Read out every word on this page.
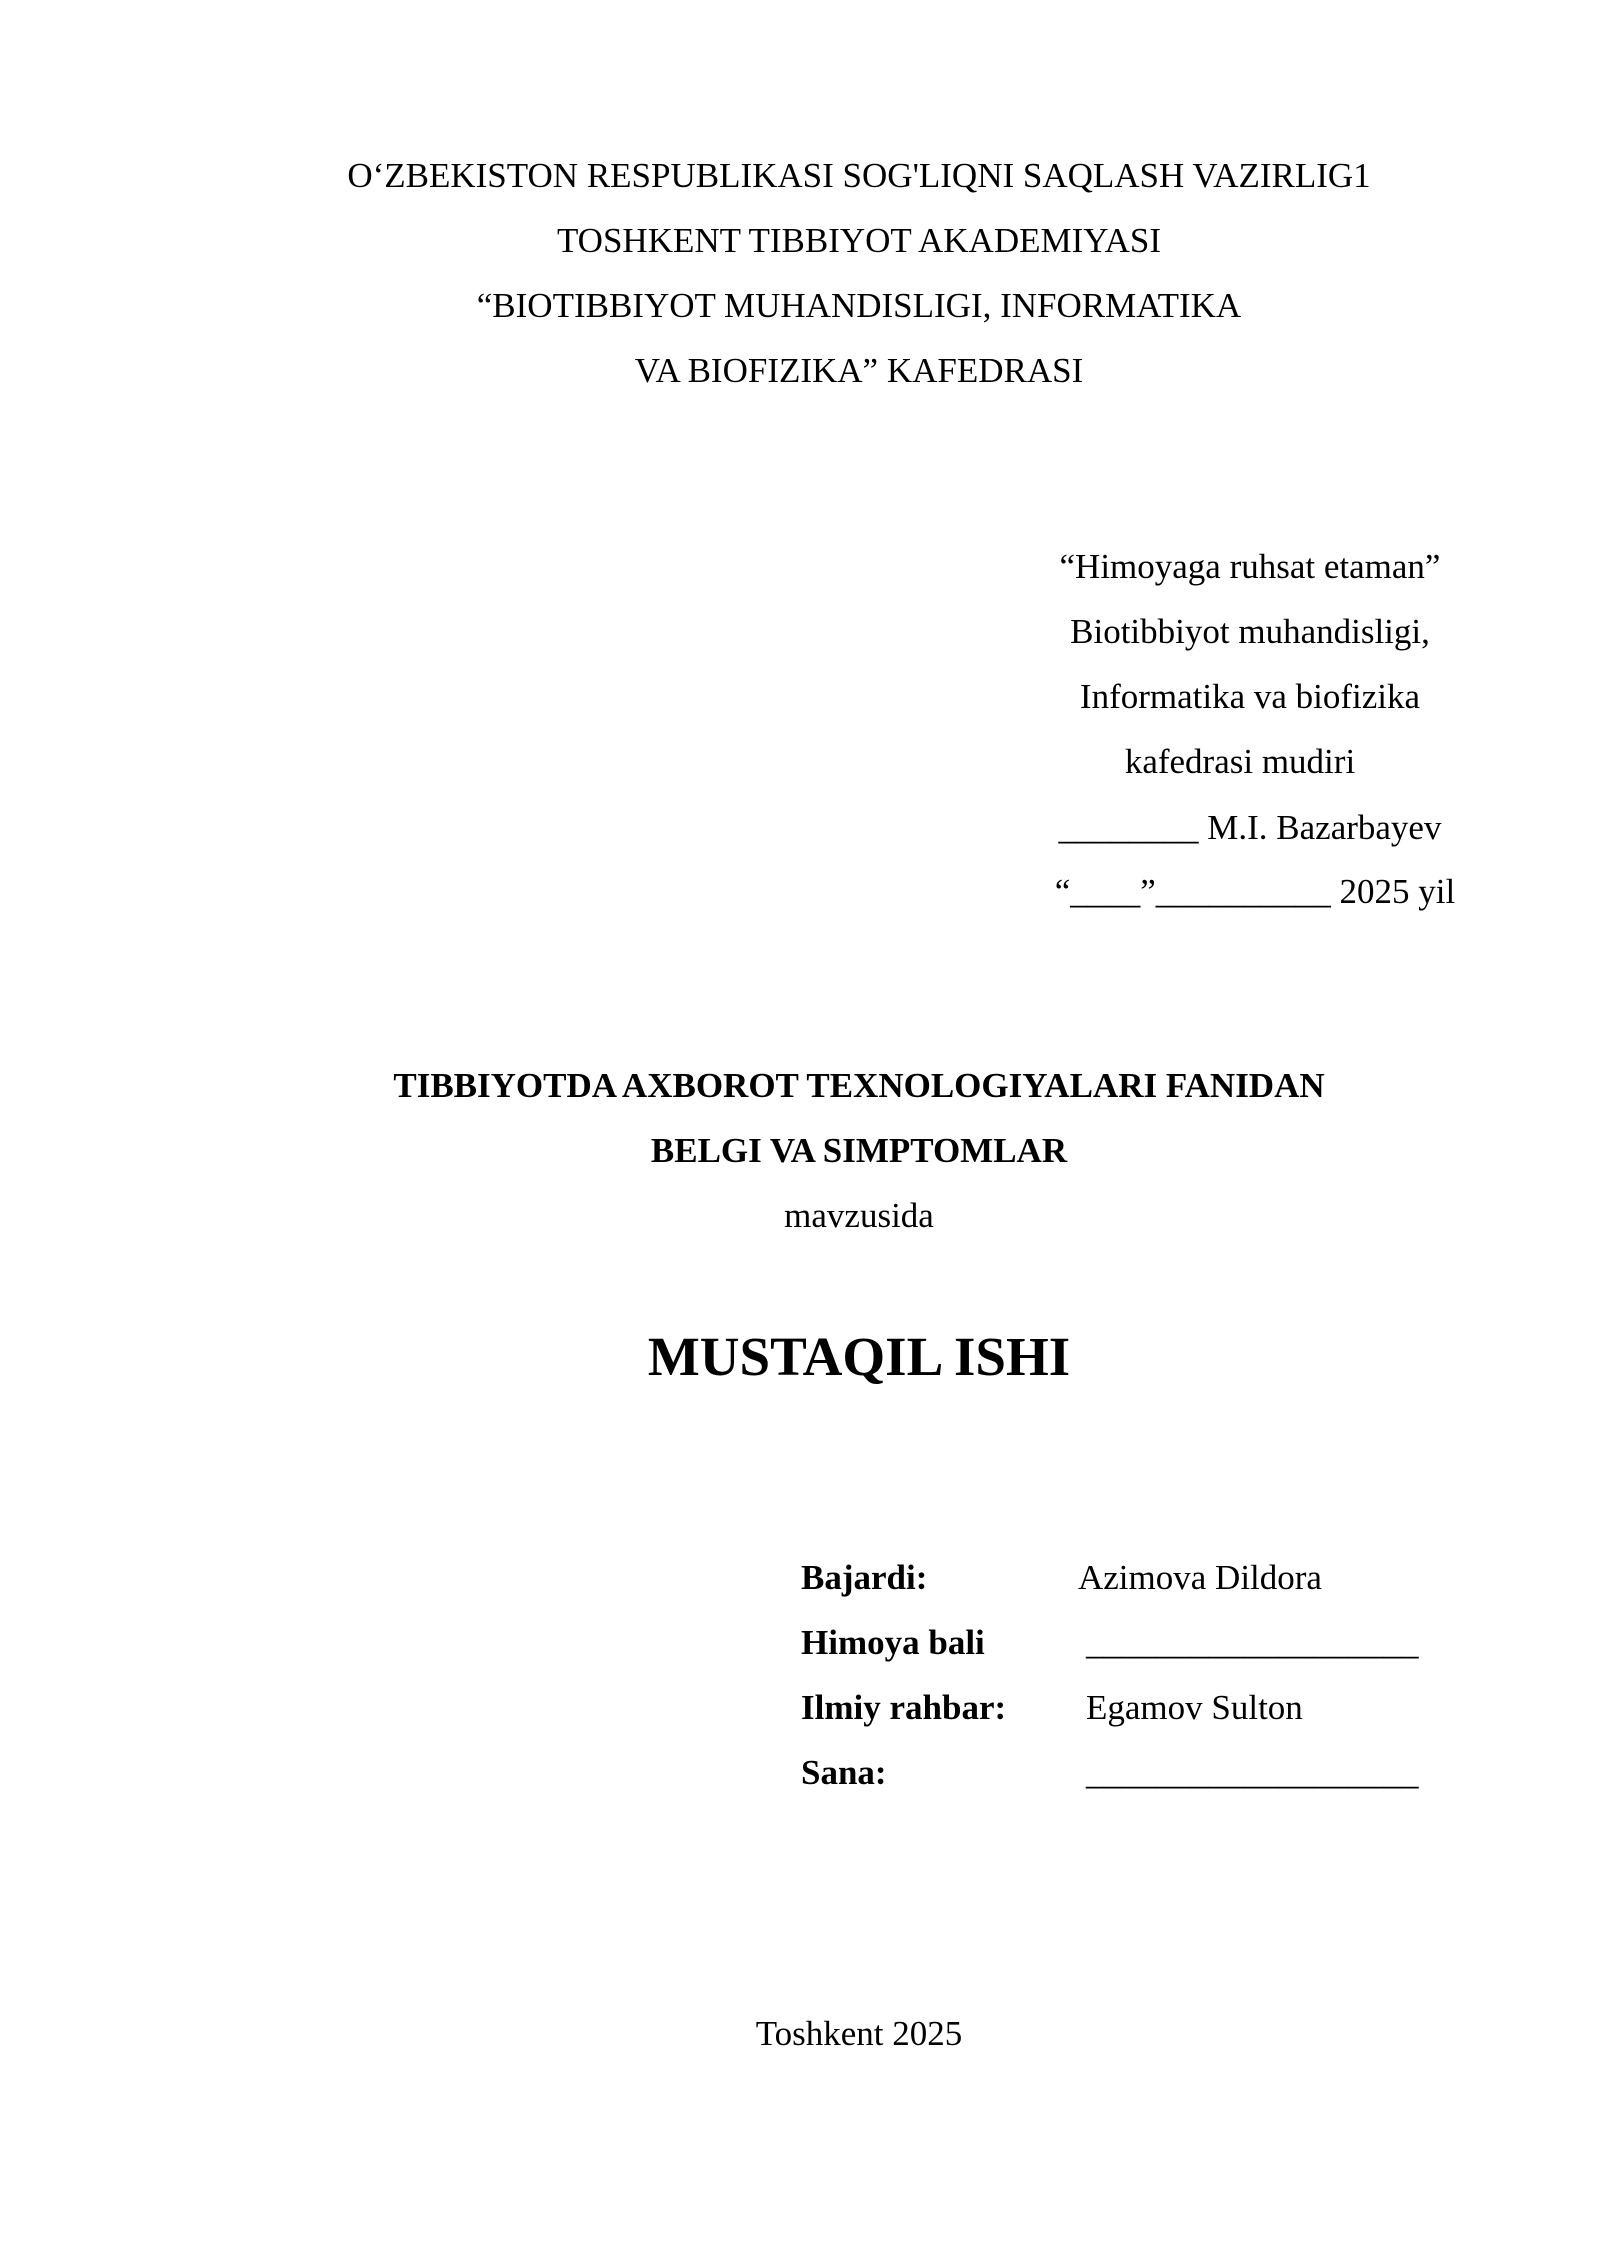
O‘ZBEKISTON RESPUBLIKASI SOG'LIQNI SAQLASH VAZIRLIG1
TOSHKENT TIBBIYOT AKADEMIYASI
“BIOTIBBIYOT MUHANDISLIGI, INFORMATIKA
VA BIOFIZIKA” KAFEDRASI
“Himoyaga ruhsat etaman”
Biotibbiyot muhandisligi,
Informatika va biofizika
kafedrasi mudiri
________ M.I. Bazarbayev
“____”__________ 2025 yil
TIBBIYOTDA AXBOROT TEXNOLOGIYALARI FANIDAN
BELGI VA SIMPTOMLAR
mavzusida
MUSTAQIL ISHI
Bajardi:	Azimova Dildora
Himoya bali	___________________
Ilmiy rahbar: Egamov Sulton
Sana:	___________________
Toshkent 2025
